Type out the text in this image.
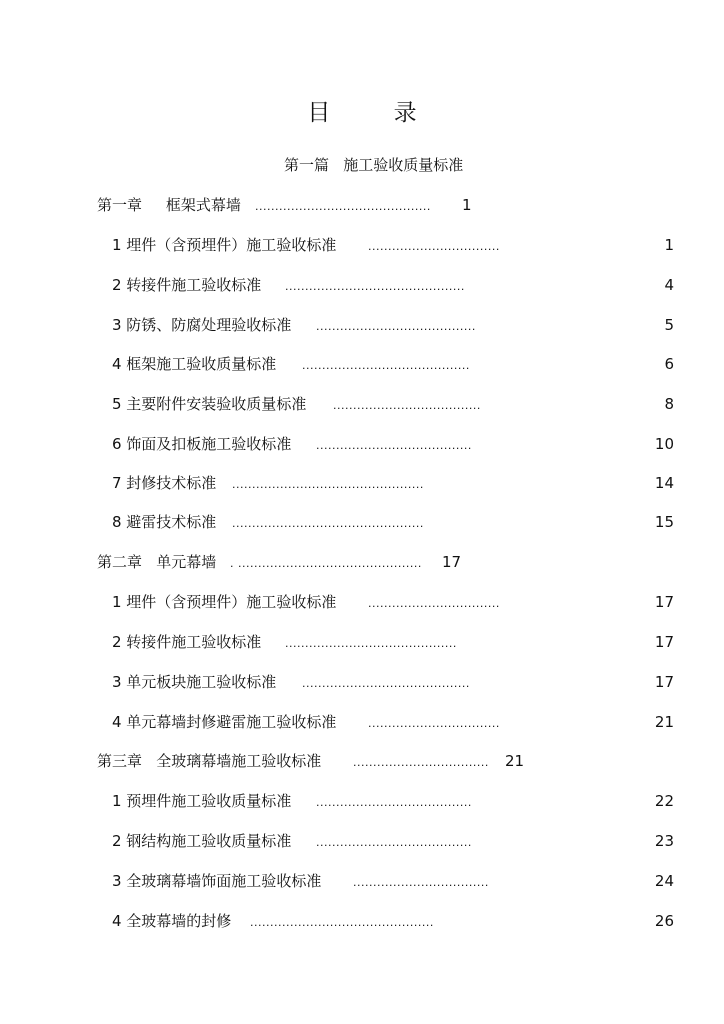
目 录
第一篇   施工验收质量标准
第一章     框架式幕墙 ............................................	1
1 埋件（含预埋件）施工验收标准	.................................	1
2 转接件施工验收标准 .............................................	4
3 防锈、防腐处理验收标准 ........................................	5
4 框架施工验收质量标准 ..........................................	6
5 主要附件安装验收质量标准 .....................................	8
6 饰面及扣板施工验收标准 .......................................	10
7 封修技术标准 ................................................	14
8 避雷技术标准 ................................................	15
第二章   单元幕墙 . ..............................................	17
1 埋件（含预埋件）施工验收标准	.................................	17
2 转接件施工验收标准 ...........................................	17
3 单元板块施工验收标准 ..........................................	17
4 单元幕墙封修避雷施工验收标准	.................................	21
第三章   全玻璃幕墙施工验收标准	..................................	21
1 预埋件施工验收质量标准 .......................................	22
2 钢结构施工验收质量标准 .......................................	23
3 全玻璃幕墙饰面施工验收标准	..................................	24
4 全玻幕墙的封修 ..............................................	26
